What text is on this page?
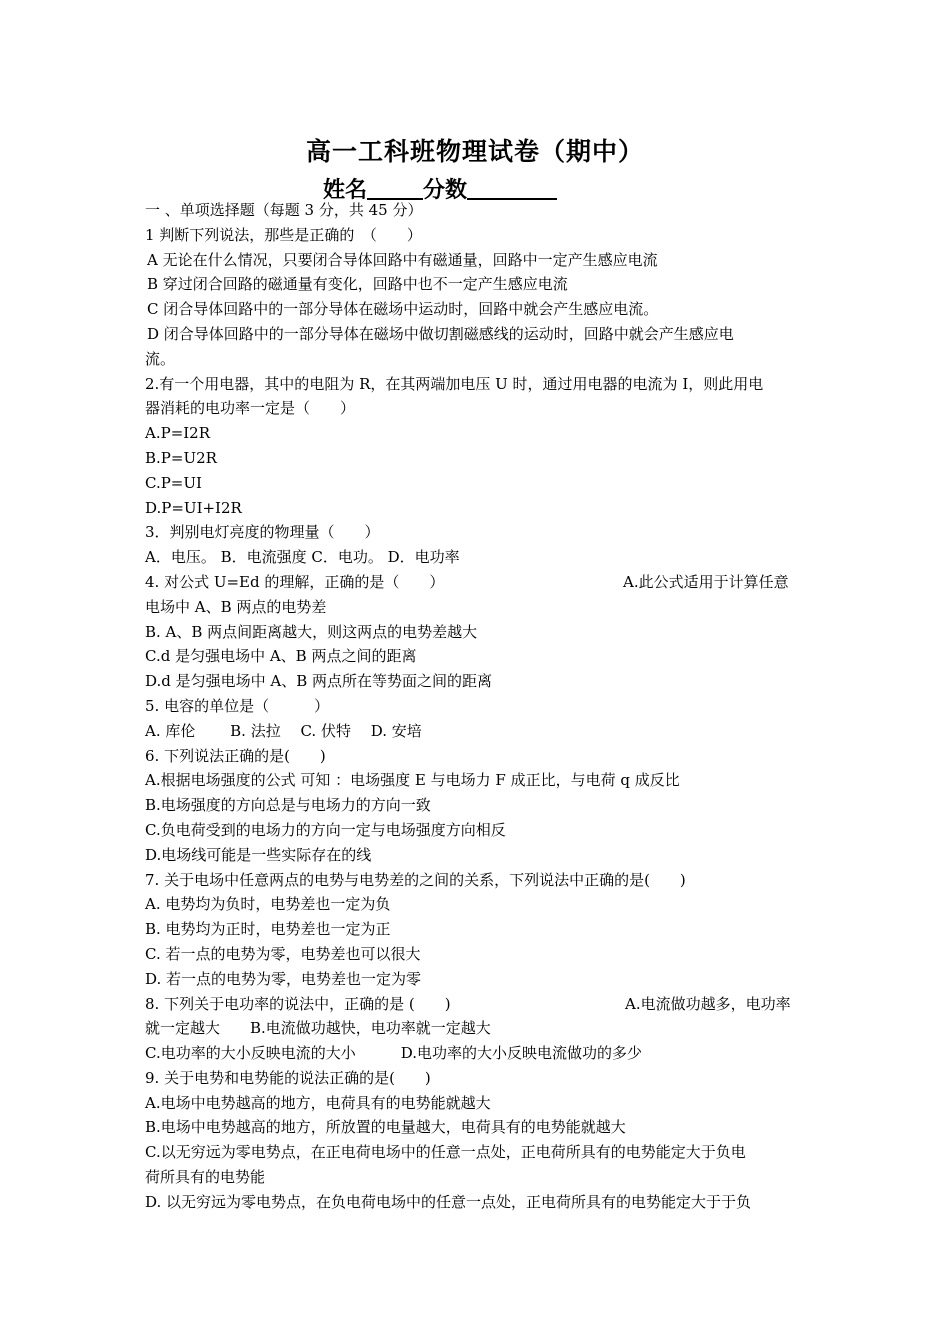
高一工科班物理试卷（期中）
姓名	分数
一 、单项选择题（每题 3 分，共 45 分）
1 判断下列说法，那些是正确的　（　　）
A 无论在什么情况，只要闭合导体回路中有磁通量，回路中一定产生感应电流
B 穿过闭合回路的磁通量有变化，回路中也不一定产生感应电流
C 闭合导体回路中的一部分导体在磁场中运动时，回路中就会产生感应电流。
D 闭合导体回路中的一部分导体在磁场中做切割磁感线的运动时，回路中就会产生感应电
流。
2.有一个用电器，其中的电阻为 R，在其两端加电压 U 时，通过用电器的电流为 I，则此用电
器消耗的电功率一定是（　　）
A.P=I2R
B.P=U2R
C.P=UI
D.P=UI+I2R
3．判别电灯亮度的物理量（　　）
A．电压。 B．电流强度 C．电功。 D．电功率
4. 对公式 U=Ed 的理解，正确的是（　　）	A.此公式适用于计算任意
电场中 A、B 两点的电势差
B. A、B 两点间距离越大，则这两点的电势差越大
C.d 是匀强电场中 A、B 两点之间的距离
D.d 是匀强电场中 A、B 两点所在等势面之间的距离
5. 电容的单位是（　　　）
A. 库伦　　 B. 法拉　 C. 伏特　 D. 安培
6. 下列说法正确的是(　　)
A.根据电场强度的公式 可知 ：电场强度 E 与电场力 F 成正比，与电荷 q 成反比
B.电场强度的方向总是与电场力的方向一致
C.负电荷受到的电场力的方向一定与电场强度方向相反
D.电场线可能是一些实际存在的线
7. 关于电场中任意两点的电势与电势差的之间的关系，下列说法中正确的是(　　)
A. 电势均为负时，电势差也一定为负
B. 电势均为正时，电势差也一定为正
C. 若一点的电势为零，电势差也可以很大
D. 若一点的电势为零，电势差也一定为零
8. 下列关于电功率的说法中，正确的是 (　　)	A.电流做功越多，电功率
就一定越大　　B.电流做功越快，电功率就一定越大
C.电功率的大小反映电流的大小　　　D.电功率的大小反映电流做功的多少
9. 关于电势和电势能的说法正确的是(　　)
A.电场中电势越高的地方，电荷具有的电势能就越大
B.电场中电势越高的地方，所放置的电量越大，电荷具有的电势能就越大
C.以无穷远为零电势点，在正电荷电场中的任意一点处，正电荷所具有的电势能定大于负电
荷所具有的电势能
D. 以无穷远为零电势点，在负电荷电场中的任意一点处，正电荷所具有的电势能定大于于负
